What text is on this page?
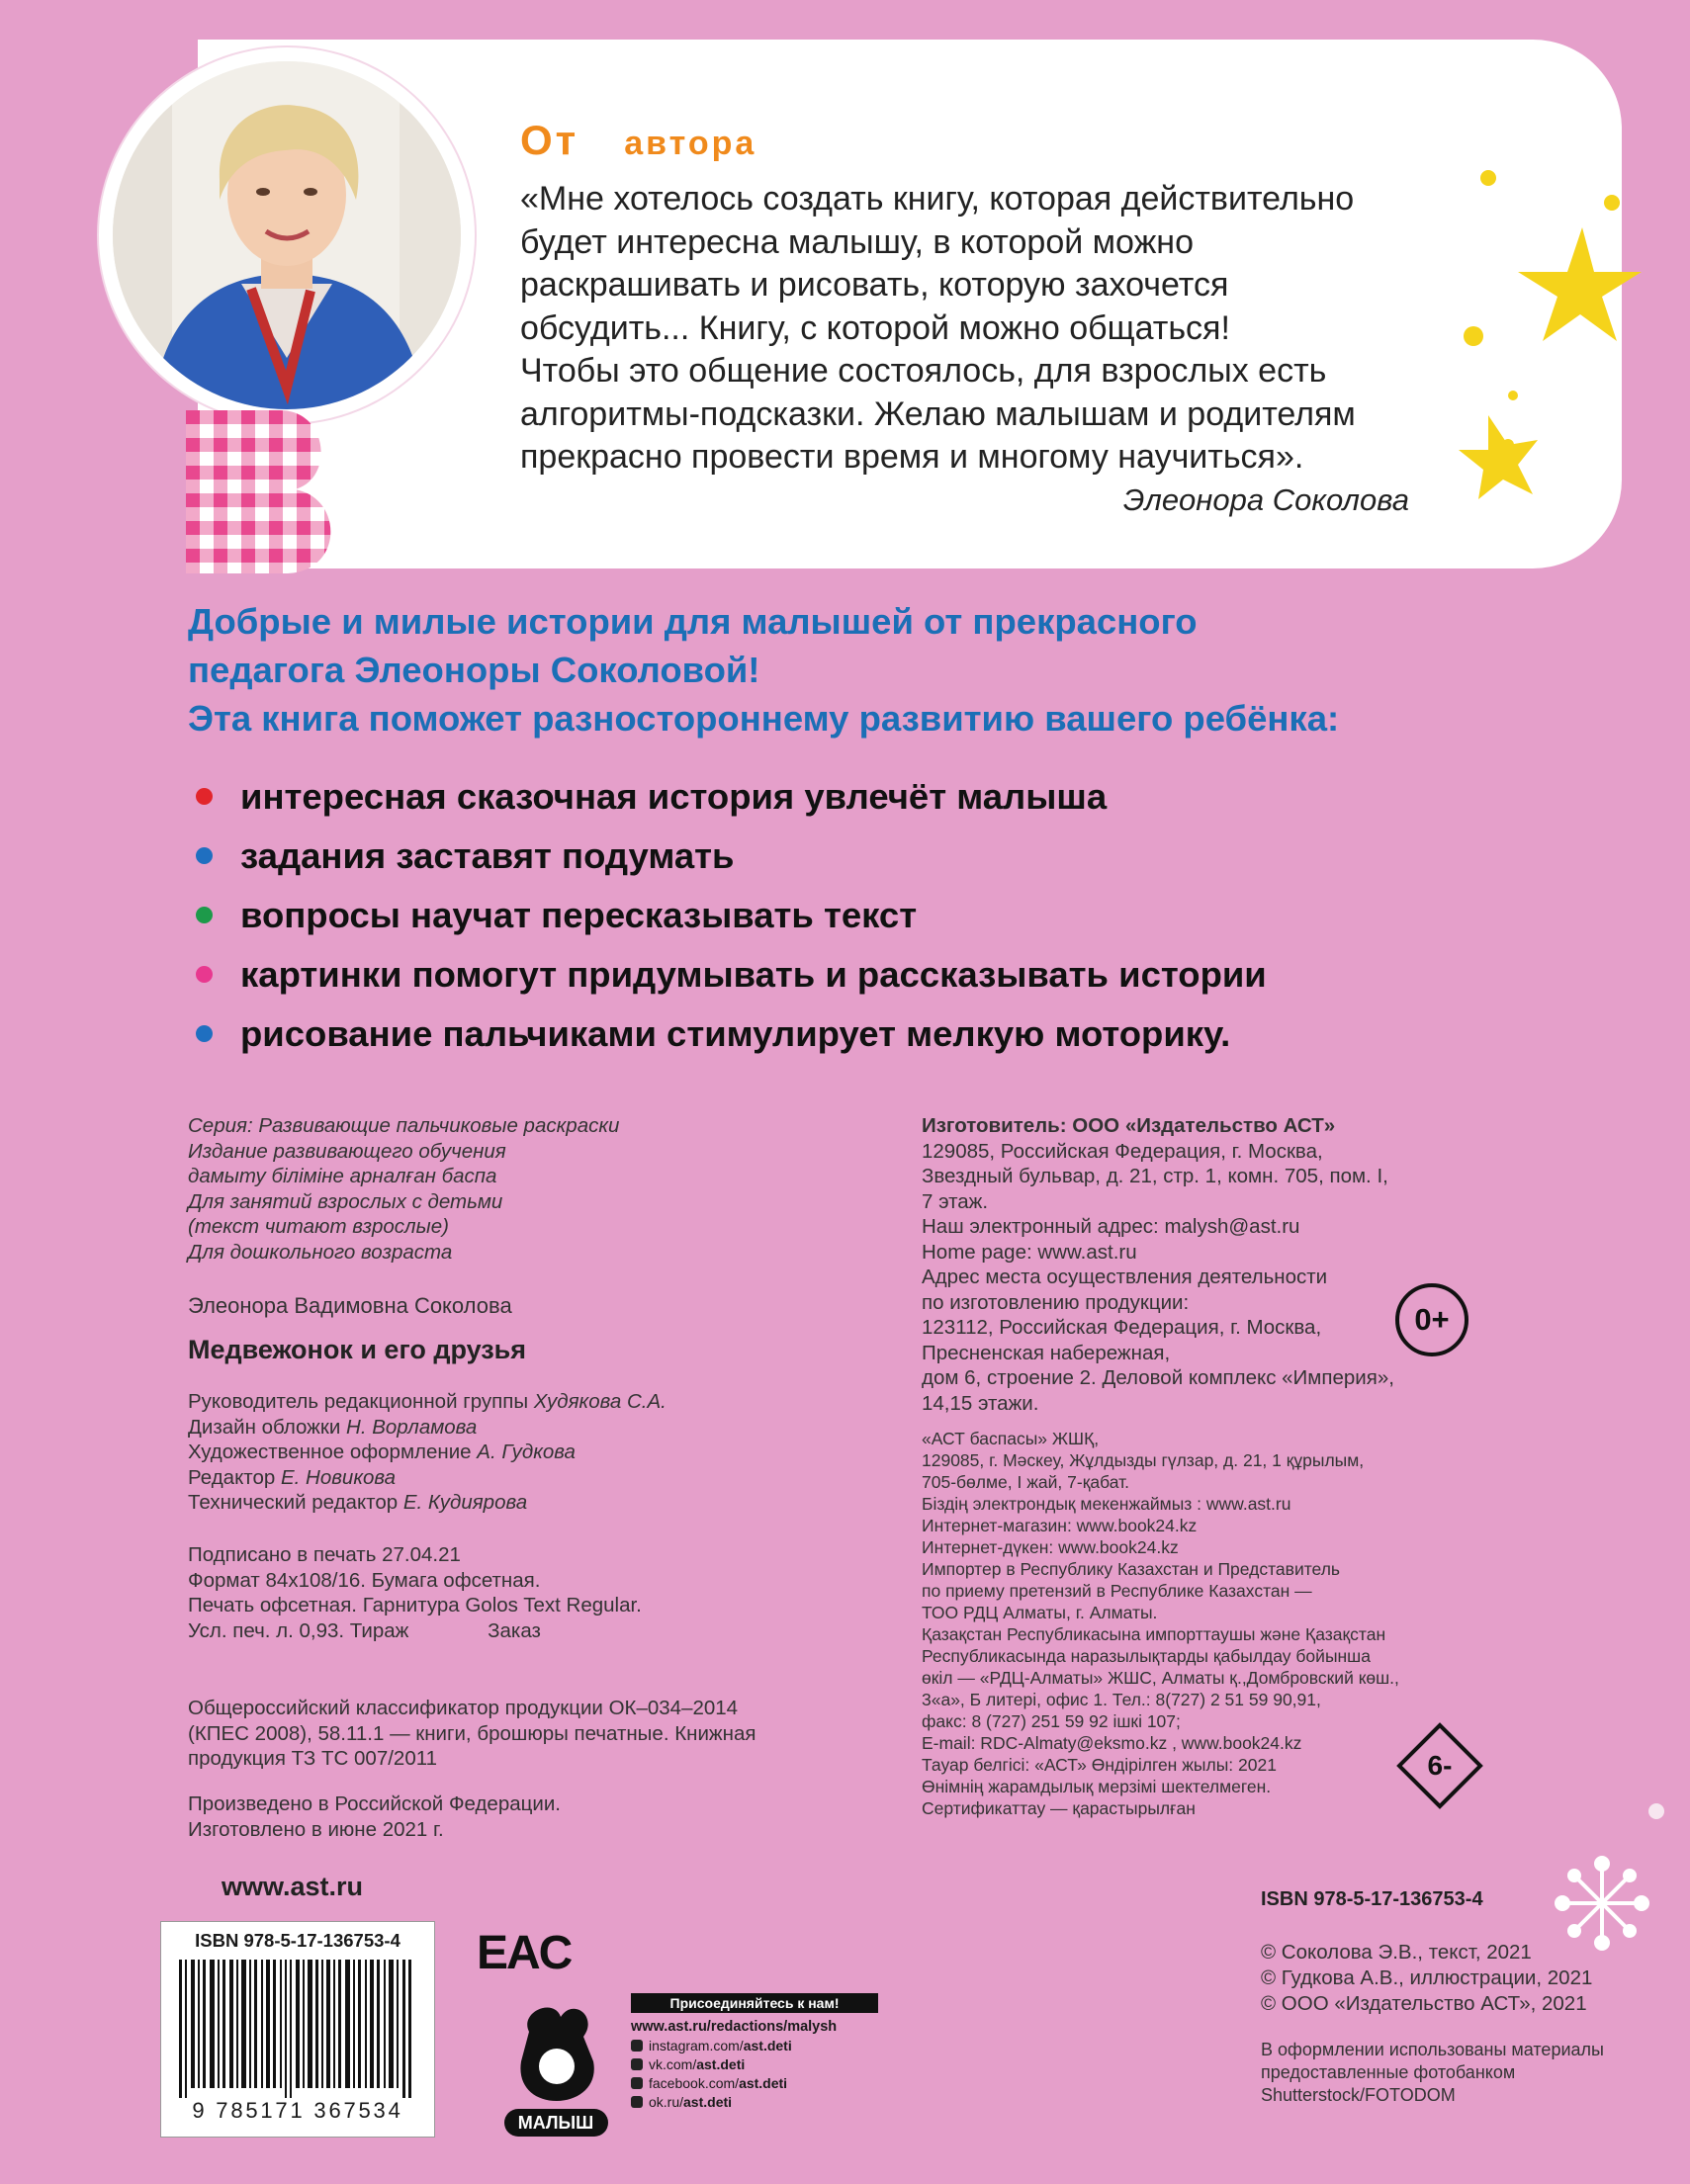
От автора
«Мне хотелось создать книгу, которая действительно
будет интересна малышу, в которой можно
раскрашивать и рисовать, которую захочется
обсудить... Книгу, с которой можно общаться!
Чтобы это общение состоялось, для взрослых есть
алгоритмы-подсказки. Желаю малышам и родителям
прекрасно провести время и многому научиться».
Элеонора Соколова
Добрые и милые истории для малышей от прекрасного
педагога Элеоноры Соколовой!
Эта книга поможет разностороннему развитию вашего ребёнка:
интересная сказочная история увлечёт малыша
задания заставят подумать
вопросы научат пересказывать текст
картинки помогут придумывать и рассказывать истории
рисование пальчиками стимулирует мелкую моторику.

Серия: Развивающие пальчиковые раскраски

Издание развивающего обучения

дамыту біліміне арналған баспа

Для занятий взрослых с детьми

(текст читают взрослые)

Для дошкольного возраста

Элеонора Вадимовна Соколова
Медвежонок и его друзья

Руководитель редакционной группы Худякова С.А.

Дизайн обложки Н. Ворламова

Художественное оформление А. Гудкова

Редактор Е. Новикова

Технический редактор Е. Кудиярова

Подписано в печать 27.04.21

Формат 84х108/16. Бумага офсетная.

Печать офсетная. Гарнитура Golos Text Regular.

Усл. печ. л. 0,93. Тираж              Заказ

Общероссийский классификатор продукции ОК–034–2014

(КПЕС 2008), 58.11.1 — книги, брошюры печатные. Книжная

продукция ТЗ ТС 007/2011

Произведено в Российской Федерации.

Изготовлено в июне 2021 г.

Изготовитель: ООО «Издательство АСТ»

129085, Российская Федерация, г. Москва,

Звездный бульвар, д. 21, стр. 1, комн. 705, пом. I,

7 этаж.

Наш электронный адрес: malysh@ast.ru

Home page: www.ast.ru

Адрес места осуществления деятельности

по изготовлению продукции:

123112, Российская Федерация, г. Москва,

Пресненская набережная,

дом 6, строение 2. Деловой комплекс «Империя»,

14,15 этажи.

0+

«АСТ баспасы» ЖШҚ,

129085, г. Мәскеу, Жұлдызды гүлзар, д. 21, 1 құрылым,

705-бөлме, I жай, 7-қабат.

Біздің электрондық мекенжаймыз : www.ast.ru

Интернет-магазин: www.book24.kz

Интернет-дүкен: www.book24.kz

Импортер в Республику Казахстан и Представитель

по приему претензий в Республике Казахстан —

ТОО РДЦ Алматы, г. Алматы.

Қазақстан Республикасына импорттаушы және Қазақстан

Республикасында наразылықтарды қабылдау бойынша

өкіл — «РДЦ-Алматы» ЖШС, Алматы қ.,Домбровский көш.,

3«а», Б литері, офис 1. Тел.: 8(727) 2 51 59 90,91,

факс: 8 (727) 251 59 92 ішкі 107;

E-mail: RDC-Almaty@eksmo.kz , www.book24.kz

Тауар белгісі: «АСТ» Өндірілген жылы: 2021

Өнімнің жарамдылық мерзімі шектелмеген.

Сертификаттау — қарастырылған

6-
www.ast.ru
ISBN 978-5-17-136753-4
9 785171 367534
EAC
МАЛЫШ
Присоединяйтесь к нам!
www.ast.ru/redactions/malysh
instagram.com/ ast.deti
vk.com/ ast.deti
facebook.com/ ast.deti
ok.ru/ ast.deti
ISBN 978-5-17-136753-4

© Соколова Э.В., текст, 2021

© Гудкова А.В., иллюстрации, 2021

© ООО «Издательство АСТ», 2021

В оформлении использованы материалы

предоставленные фотобанком

Shutterstock/FOTODOM
